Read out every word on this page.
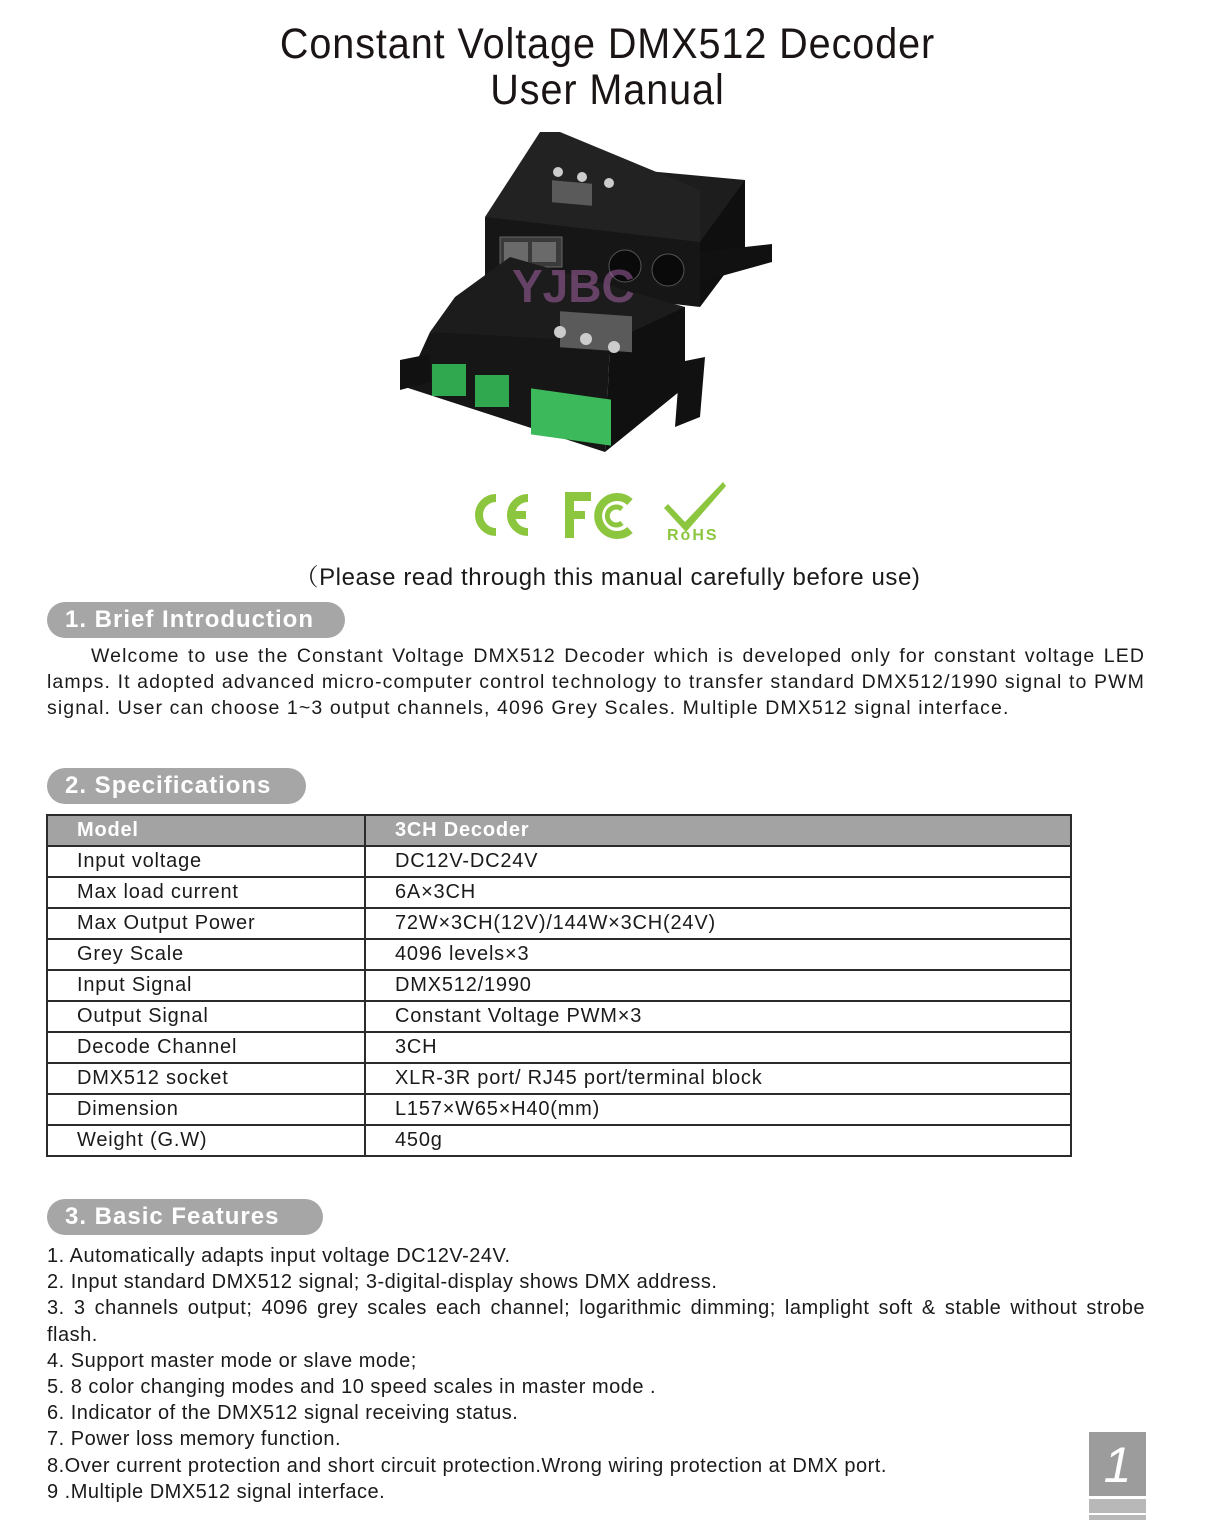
Constant Voltage DMX512 Decoder
User Manual
YJBC
RoHS
（Please read through this manual carefully before use)
1. Brief Introduction
Welcome to use the Constant Voltage DMX512 Decoder which is developed only for constant voltage LED lamps. It adopted advanced micro-computer control technology to transfer standard DMX512/1990 signal to PWM signal. User can choose 1~3 output channels, 4096 Grey Scales. Multiple DMX512 signal interface.
2. Specifications
Model	3CH Decoder
Input voltage	DC12V-DC24V
Max load current	6A×3CH
Max Output Power	72W×3CH(12V)/144W×3CH(24V)
Grey Scale	4096 levels×3
Input Signal	DMX512/1990
Output Signal	Constant Voltage PWM×3
Decode Channel	3CH
DMX512 socket	XLR-3R port/ RJ45 port/terminal block
Dimension	L157×W65×H40(mm)
Weight (G.W)	450g
3. Basic Features
1. Automatically adapts input voltage DC12V-24V.
2. Input standard DMX512 signal; 3-digital-display shows DMX address.
3. 3 channels output; 4096 grey scales each channel; logarithmic dimming; lamplight soft & stable without strobe flash.
4. Support master mode or slave mode;
5. 8 color changing modes and 10 speed scales in master mode .
6. Indicator of the DMX512 signal receiving status.
7. Power loss memory function.
8.Over current protection and short circuit protection.Wrong wiring protection at DMX port.
9 .Multiple DMX512 signal interface.	1
